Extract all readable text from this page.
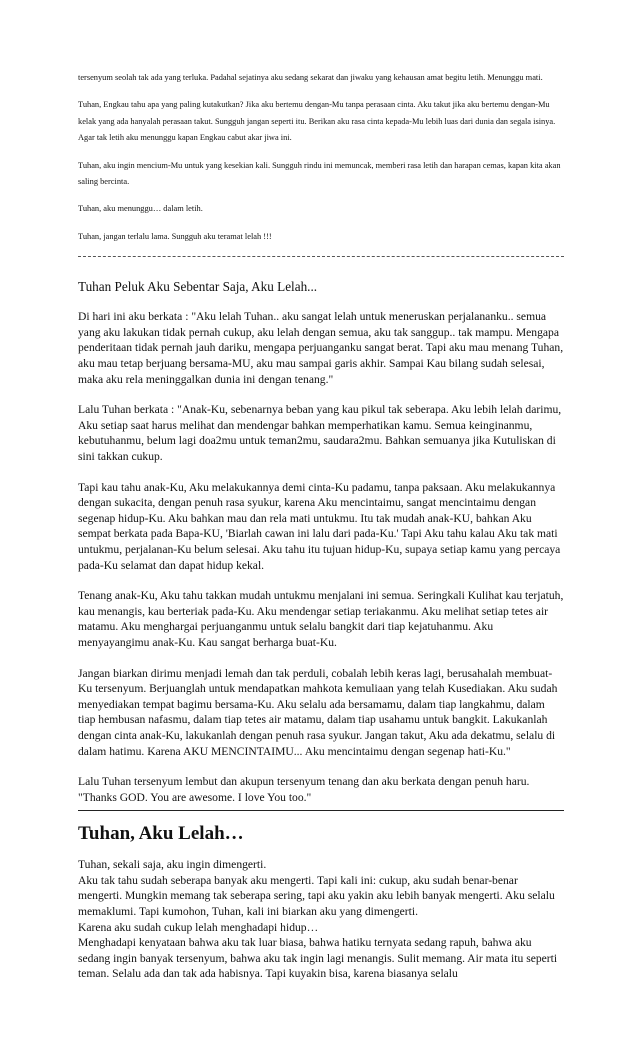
tersenyum seolah tak ada yang terluka. Padahal sejatinya aku sedang sekarat dan jiwaku yang kehausan amat begitu letih. Menunggu mati.

Tuhan, Engkau tahu apa yang paling kutakutkan? Jika aku bertemu dengan-Mu tanpa perasaan cinta. Aku takut jika aku bertemu dengan-Mu kelak yang ada hanyalah perasaan takut. Sungguh jangan seperti itu. Berikan aku rasa cinta kepada-Mu lebih luas dari dunia dan segala isinya. Agar tak letih aku menunggu kapan Engkau cabut akar jiwa ini.

Tuhan, aku ingin mencium-Mu untuk yang kesekian kali. Sungguh rindu ini memuncak, memberi rasa letih dan harapan cemas, kapan kita akan saling bercinta.

Tuhan, aku menunggu… dalam letih.

Tuhan, jangan terlalu lama. Sungguh aku teramat lelah !!!

Tuhan Peluk Aku Sebentar Saja, Aku Lelah...

Di hari ini aku berkata : "Aku lelah Tuhan.. aku sangat lelah untuk meneruskan perjalananku.. semua yang aku lakukan tidak pernah cukup, aku lelah dengan semua, aku tak sanggup.. tak mampu. Mengapa penderitaan tidak pernah jauh dariku, mengapa perjuanganku sangat berat. Tapi aku mau menang Tuhan, aku mau tetap berjuang bersama-MU, aku mau sampai garis akhir. Sampai Kau bilang sudah selesai, maka aku rela meninggalkan dunia ini dengan tenang."

Lalu Tuhan berkata : "Anak-Ku, sebenarnya beban yang kau pikul tak seberapa. Aku lebih lelah darimu, Aku setiap saat harus melihat dan mendengar bahkan memperhatikan kamu. Semua keinginanmu, kebutuhanmu, belum lagi doa2mu untuk teman2mu, saudara2mu. Bahkan semuanya jika Kutuliskan di sini takkan cukup.

Tapi kau tahu anak-Ku, Aku melakukannya demi cinta-Ku padamu, tanpa paksaan. Aku melakukannya dengan sukacita, dengan penuh rasa syukur, karena Aku mencintaimu, sangat mencintaimu dengan segenap hidup-Ku. Aku bahkan mau dan rela mati untukmu. Itu tak mudah anak-KU, bahkan Aku sempat berkata pada Bapa-KU, 'Biarlah cawan ini lalu dari pada-Ku.' Tapi Aku tahu kalau Aku tak mati untukmu, perjalanan-Ku belum selesai. Aku tahu itu tujuan hidup-Ku, supaya setiap kamu yang percaya pada-Ku selamat dan dapat hidup kekal.

Tenang anak-Ku, Aku tahu takkan mudah untukmu menjalani ini semua. Seringkali Kulihat kau terjatuh, kau menangis, kau berteriak pada-Ku. Aku mendengar setiap teriakanmu. Aku melihat setiap tetes air matamu. Aku menghargai perjuanganmu untuk selalu bangkit dari tiap kejatuhanmu. Aku menyayangimu anak-Ku. Kau sangat berharga buat-Ku.

Jangan biarkan dirimu menjadi lemah dan tak perduli, cobalah lebih keras lagi, berusahalah membuat-Ku tersenyum. Berjuanglah untuk mendapatkan mahkota kemuliaan yang telah Kusediakan. Aku sudah menyediakan tempat bagimu bersama-Ku. Aku selalu ada bersamamu, dalam tiap langkahmu, dalam tiap hembusan nafasmu, dalam tiap tetes air matamu, dalam tiap usahamu untuk bangkit. Lakukanlah dengan cinta anak-Ku, lakukanlah dengan penuh rasa syukur. Jangan takut, Aku ada dekatmu, selalu di dalam hatimu. Karena AKU MENCINTAIMU... Aku mencintaimu dengan segenap hati-Ku."

Lalu Tuhan tersenyum lembut dan akupun tersenyum tenang dan aku berkata dengan penuh haru. "Thanks GOD. You are awesome. I love You too."

Tuhan, Aku Lelah…
Tuhan, sekali saja, aku ingin dimengerti.
Aku tak tahu sudah seberapa banyak aku mengerti. Tapi kali ini: cukup, aku sudah benar-benar mengerti. Mungkin memang tak seberapa sering, tapi aku yakin aku lebih banyak mengerti. Aku selalu memaklumi. Tapi kumohon, Tuhan, kali ini biarkan aku yang dimengerti.
Karena aku sudah cukup lelah menghadapi hidup…
Menghadapi kenyataan bahwa aku tak luar biasa, bahwa hatiku ternyata sedang rapuh, bahwa aku sedang ingin banyak tersenyum, bahwa aku tak ingin lagi menangis. Sulit memang. Air mata itu seperti teman. Selalu ada dan tak ada habisnya. Tapi kuyakin bisa, karena biasanya selalu
